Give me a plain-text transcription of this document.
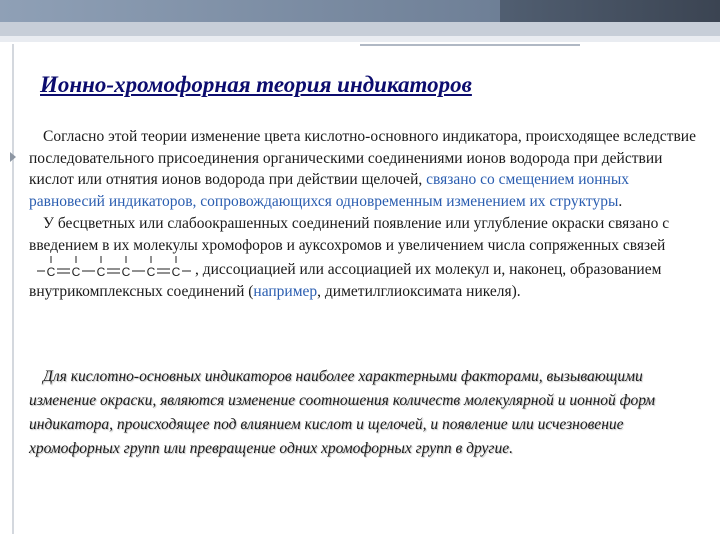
Ионно-хромофорная теория индикаторов

Согласно этой теории изменение цвета кислотно-основного индикатора, происходящее вследствие последовательного присоединения органическими соединениями ионов водорода при действии кислот или отнятия ионов водорода при действии щелочей, связано со смещением ионных равновесий индикаторов, сопровождающихся одновременным изменением их структуры.

У бесцветных или слабоокрашенных соединений появление или углубление окраски связано с введением в их молекулы хромофоров и ауксохромов и увеличением числа сопряженных связей
C C C C C C , диссоциацией или ассоциацией их молекул и, наконец, образованием внутрикомплексных соединений (например, диметилглиоксимата никеля).

Для кислотно-основных индикаторов наиболее характерными факторами, вызывающими изменение окраски, являются изменение соотношения количеств молекулярной и ионной форм индикатора, происходящее под влиянием кислот и щелочей, и появление или исчезновение хромофорных групп или превращение одних хромофорных групп в другие.
